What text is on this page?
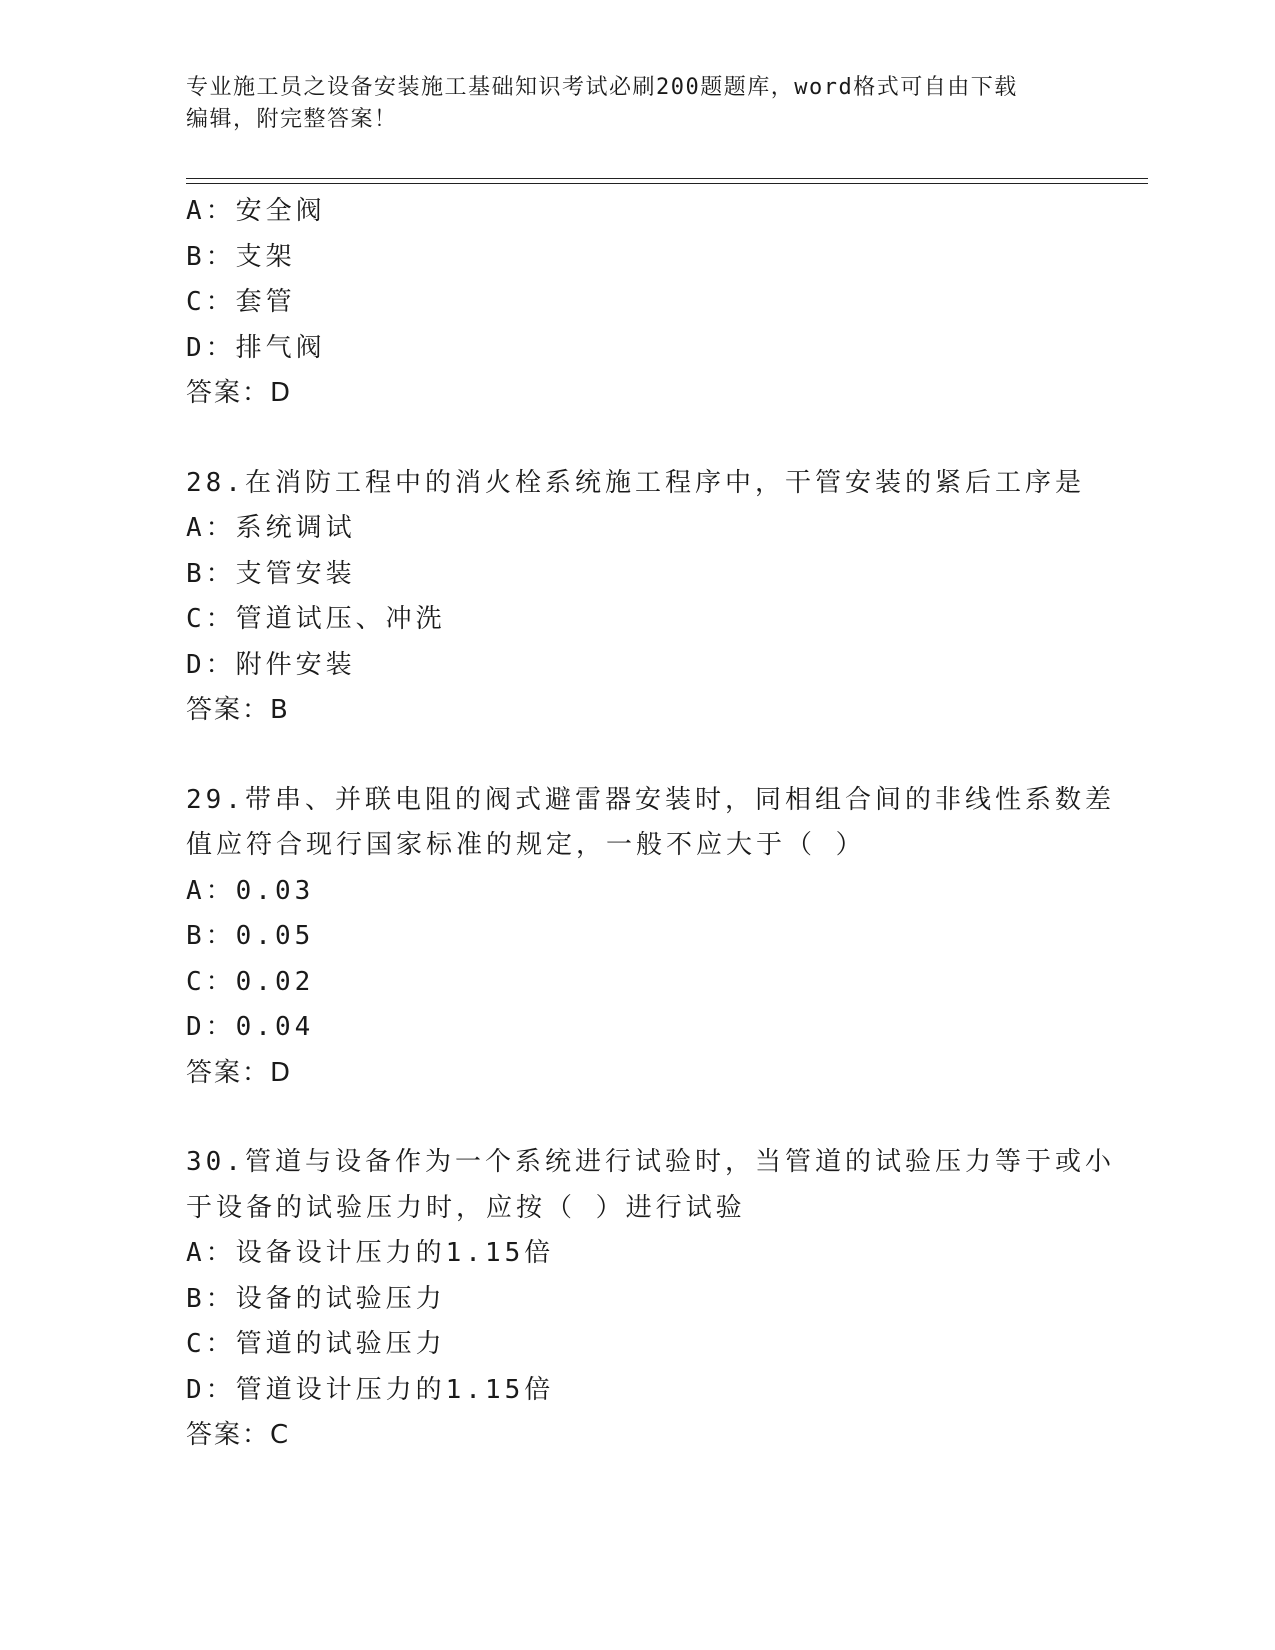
专业施工员之设备安装施工基础知识考试必刷200题题库，word格式可自由下载
编辑，附完整答案！
A：安全阀
B：支架
C：套管
D：排气阀
答案：D
28.在消防工程中的消火栓系统施工程序中，干管安装的紧后工序是
A：系统调试
B：支管安装
C：管道试压、冲洗
D：附件安装
答案：B
29.带串、并联电阻的阀式避雷器安装时，同相组合间的非线性系数差
值应符合现行国家标准的规定，一般不应大于（ ）
A：0.03
B：0.05
C：0.02
D：0.04
答案：D
30.管道与设备作为一个系统进行试验时，当管道的试验压力等于或小
于设备的试验压力时，应按（ ）进行试验
A：设备设计压力的1.15倍
B：设备的试验压力
C：管道的试验压力
D：管道设计压力的1.15倍
答案：C
